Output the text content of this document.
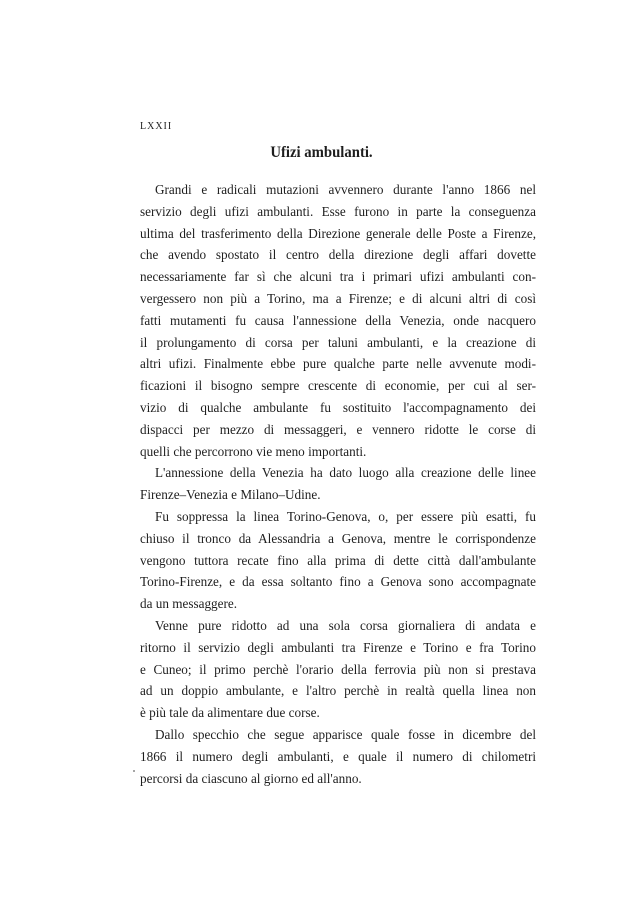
LXXII
Ufizi ambulanti.
Grandi e radicali mutazioni avvennero durante l'anno 1866 nel
servizio degli ufizi ambulanti. Esse furono in parte la conseguenza
ultima del trasferimento della Direzione generale delle Poste a Firenze,
che avendo spostato il centro della direzione degli affari dovette
necessariamente far sì che alcuni tra i primari ufizi ambulanti con-
vergessero non più a Torino, ma a Firenze; e di alcuni altri di così
fatti mutamenti fu causa l'annessione della Venezia, onde nacquero
il prolungamento di corsa per taluni ambulanti, e la creazione di
altri ufizi. Finalmente ebbe pure qualche parte nelle avvenute modi-
ficazioni il bisogno sempre crescente di economie, per cui al ser-
vizio di qualche ambulante fu sostituito l'accompagnamento dei
dispacci per mezzo di messaggeri, e vennero ridotte le corse di
quelli che percorrono vie meno importanti.
L'annessione della Venezia ha dato luogo alla creazione delle linee
Firenze–Venezia e Milano–Udine.
Fu soppressa la linea Torino-Genova, o, per essere più esatti, fu
chiuso il tronco da Alessandria a Genova, mentre le corrispondenze
vengono tuttora recate fino alla prima di dette città dall'ambulante
Torino-Firenze, e da essa soltanto fino a Genova sono accompagnate
da un messaggere.
Venne pure ridotto ad una sola corsa giornaliera di andata e
ritorno il servizio degli ambulanti tra Firenze e Torino e fra Torino
e Cuneo; il primo perchè l'orario della ferrovia più non si prestava
ad un doppio ambulante, e l'altro perchè in realtà quella linea non
è più tale da alimentare due corse.
Dallo specchio che segue apparisce quale fosse in dicembre del
1866 il numero degli ambulanti, e quale il numero di chilometri
percorsi da ciascuno al giorno ed all'anno.
